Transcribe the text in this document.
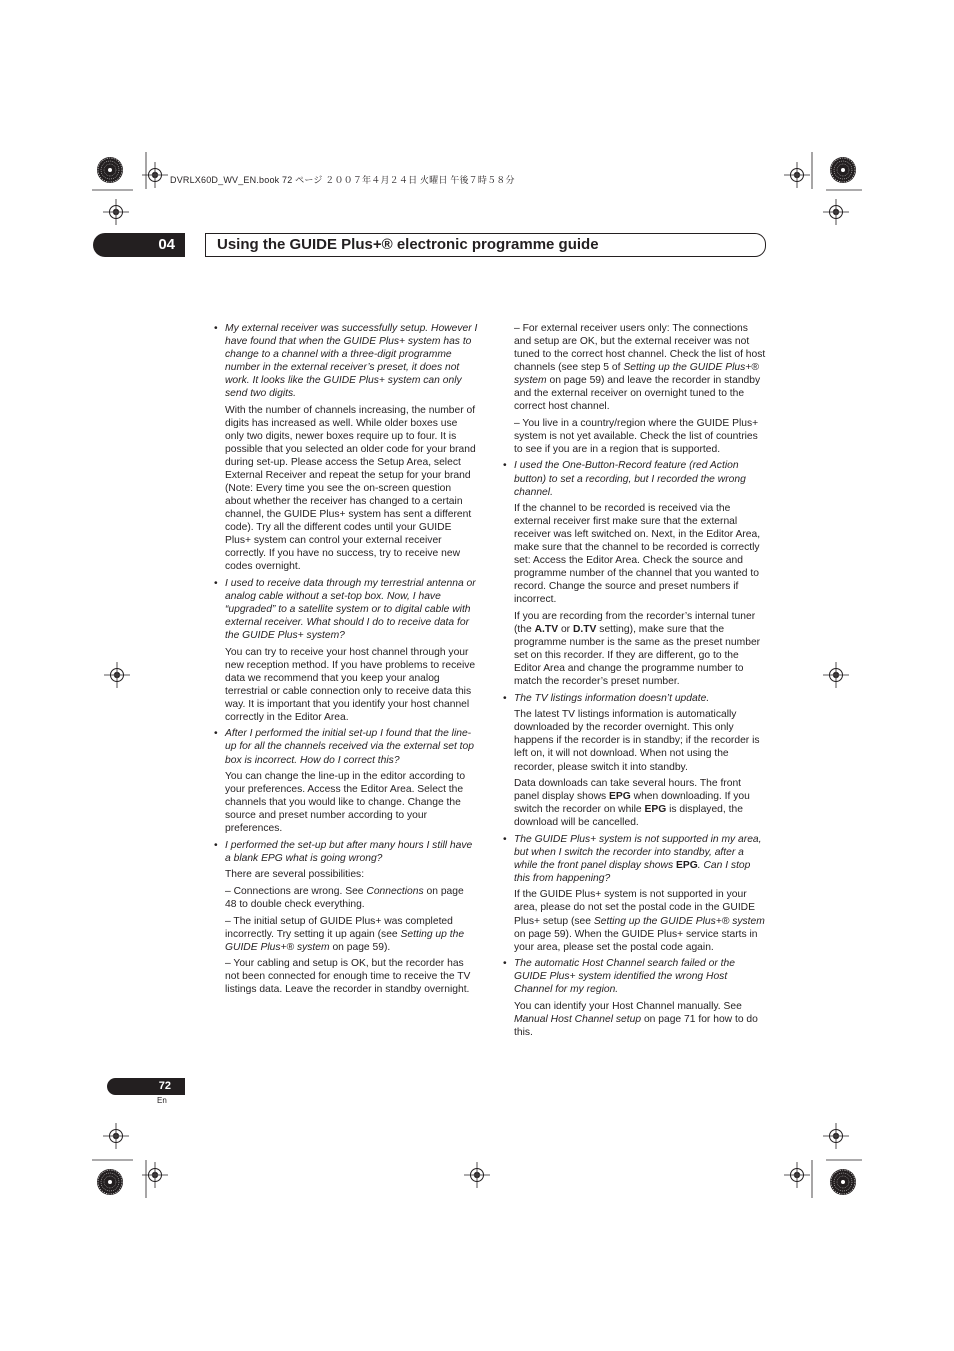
DVRLX60D_WV_EN.book 72 ページ ２００７年４月２４日 火曜日 午後７時５８分
04	Using the GUIDE Plus+® electronic programme guide
• My external receiver was successfully setup. However I have found that when the GUIDE Plus+ system has to change to a channel with a three-digit programme number in the external receiver’s preset, it does not work. It looks like the GUIDE Plus+ system can only send two digits.
With the number of channels increasing, the number of digits has increased as well. While older boxes use only two digits, newer boxes require up to four. It is possible that you selected an older code for your brand during set-up. Please access the Setup Area, select External Receiver and repeat the setup for your brand (Note: Every time you see the on-screen question about whether the receiver has changed to a certain channel, the GUIDE Plus+ system has sent a different code). Try all the different codes until your GUIDE Plus+ system can control your external receiver correctly. If you have no success, try to receive new codes overnight.
• I used to receive data through my terrestrial antenna or analog cable without a set-top box. Now, I have “upgraded” to a satellite system or to digital cable with external receiver. What should I do to receive data for the GUIDE Plus+ system?
You can try to receive your host channel through your new reception method. If you have problems to receive data we recommend that you keep your analog terrestrial or cable connection only to receive data this way. It is important that you identify your host channel correctly in the Editor Area.
• After I performed the initial set-up I found that the line-up for all the channels received via the external set top box is incorrect. How do I correct this?
You can change the line-up in the editor according to your preferences. Access the Editor Area. Select the channels that you would like to change. Change the source and preset number according to your preferences.
• I performed the set-up but after many hours I still have a blank EPG what is going wrong?
There are several possibilities:
– Connections are wrong. See Connections on page 48 to double check everything.
– The initial setup of GUIDE Plus+ was completed incorrectly. Try setting it up again (see Setting up the GUIDE Plus+® system on page 59).
– Your cabling and setup is OK, but the recorder has not been connected for enough time to receive the TV listings data. Leave the recorder in standby overnight.
– For external receiver users only: The connections and setup are OK, but the external receiver was not tuned to the correct host channel. Check the list of host channels (see step 5 of Setting up the GUIDE Plus+® system on page 59) and leave the recorder in standby and the external receiver on overnight tuned to the correct host channel.
– You live in a country/region where the GUIDE Plus+ system is not yet available. Check the list of countries to see if you are in a region that is supported.
• I used the One-Button-Record feature (red Action button) to set a recording, but I recorded the wrong channel.
If the channel to be recorded is received via the external receiver first make sure that the external receiver was left switched on. Next, in the Editor Area, make sure that the channel to be recorded is correctly set: Access the Editor Area. Check the source and programme number of the channel that you wanted to record. Change the source and preset numbers if incorrect.
If you are recording from the recorder’s internal tuner (the A.TV or D.TV setting), make sure that the programme number is the same as the preset number set on this recorder. If they are different, go to the Editor Area and change the programme number to match the recorder’s preset number.
• The TV listings information doesn’t update.
The latest TV listings information is automatically downloaded by the recorder overnight. This only happens if the recorder is in standby; if the recorder is left on, it will not download. When not using the recorder, please switch it into standby.
Data downloads can take several hours. The front panel display shows EPG when downloading. If you switch the recorder on while EPG is displayed, the download will be cancelled.
• The GUIDE Plus+ system is not supported in my area, but when I switch the recorder into standby, after a while the front panel display shows EPG. Can I stop this from happening?
If the GUIDE Plus+ system is not supported in your area, please do not set the postal code in the GUIDE Plus+ setup (see Setting up the GUIDE Plus+® system on page 59). When the GUIDE Plus+ service starts in your area, please set the postal code again.
• The automatic Host Channel search failed or the GUIDE Plus+ system identified the wrong Host Channel for my region.
You can identify your Host Channel manually. See Manual Host Channel setup on page 71 for how to do this.
72
En
